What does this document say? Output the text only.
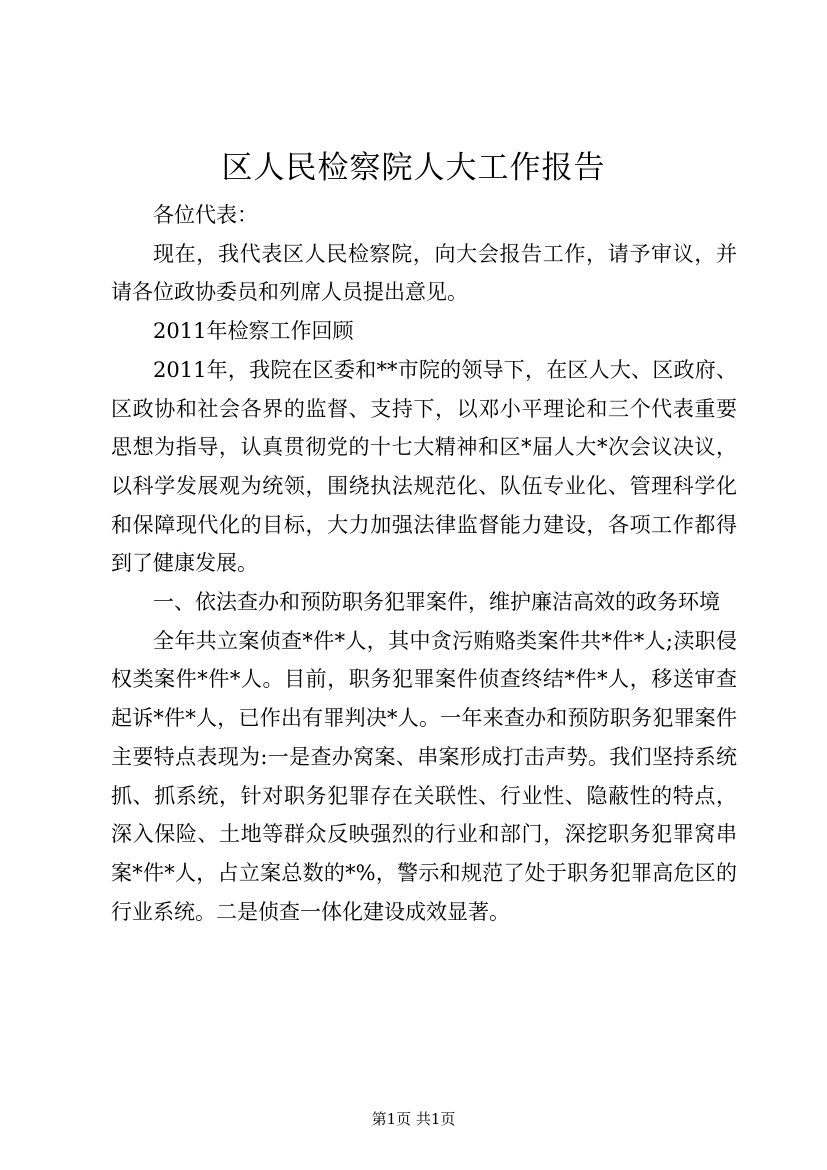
区人民检察院人大工作报告

各位代表：

现在，我代表区人民检察院，向大会报告工作，请予审议，并请各位政协委员和列席人员提出意见。

2011年检察工作回顾

2011年，我院在区委和**市院的领导下，在区人大、区政府、区政协和社会各界的监督、支持下，以邓小平理论和三个代表重要思想为指导，认真贯彻党的十七大精神和区*届人大*次会议决议，以科学发展观为统领，围绕执法规范化、队伍专业化、管理科学化和保障现代化的目标，大力加强法律监督能力建设，各项工作都得到了健康发展。

一、依法查办和预防职务犯罪案件，维护廉洁高效的政务环境

全年共立案侦查*件*人，其中贪污贿赂类案件共*件*人;渎职侵权类案件*件*人。目前，职务犯罪案件侦查终结*件*人，移送审查起诉*件*人，已作出有罪判决*人。一年来查办和预防职务犯罪案件主要特点表现为:一是查办窝案、串案形成打击声势。我们坚持系统抓、抓系统，针对职务犯罪存在关联性、行业性、隐蔽性的特点，深入保险、土地等群众反映强烈的行业和部门，深挖职务犯罪窝串案*件*人，占立案总数的*%，警示和规范了处于职务犯罪高危区的行业系统。二是侦查一体化建设成效显著。

第1页 共1页
